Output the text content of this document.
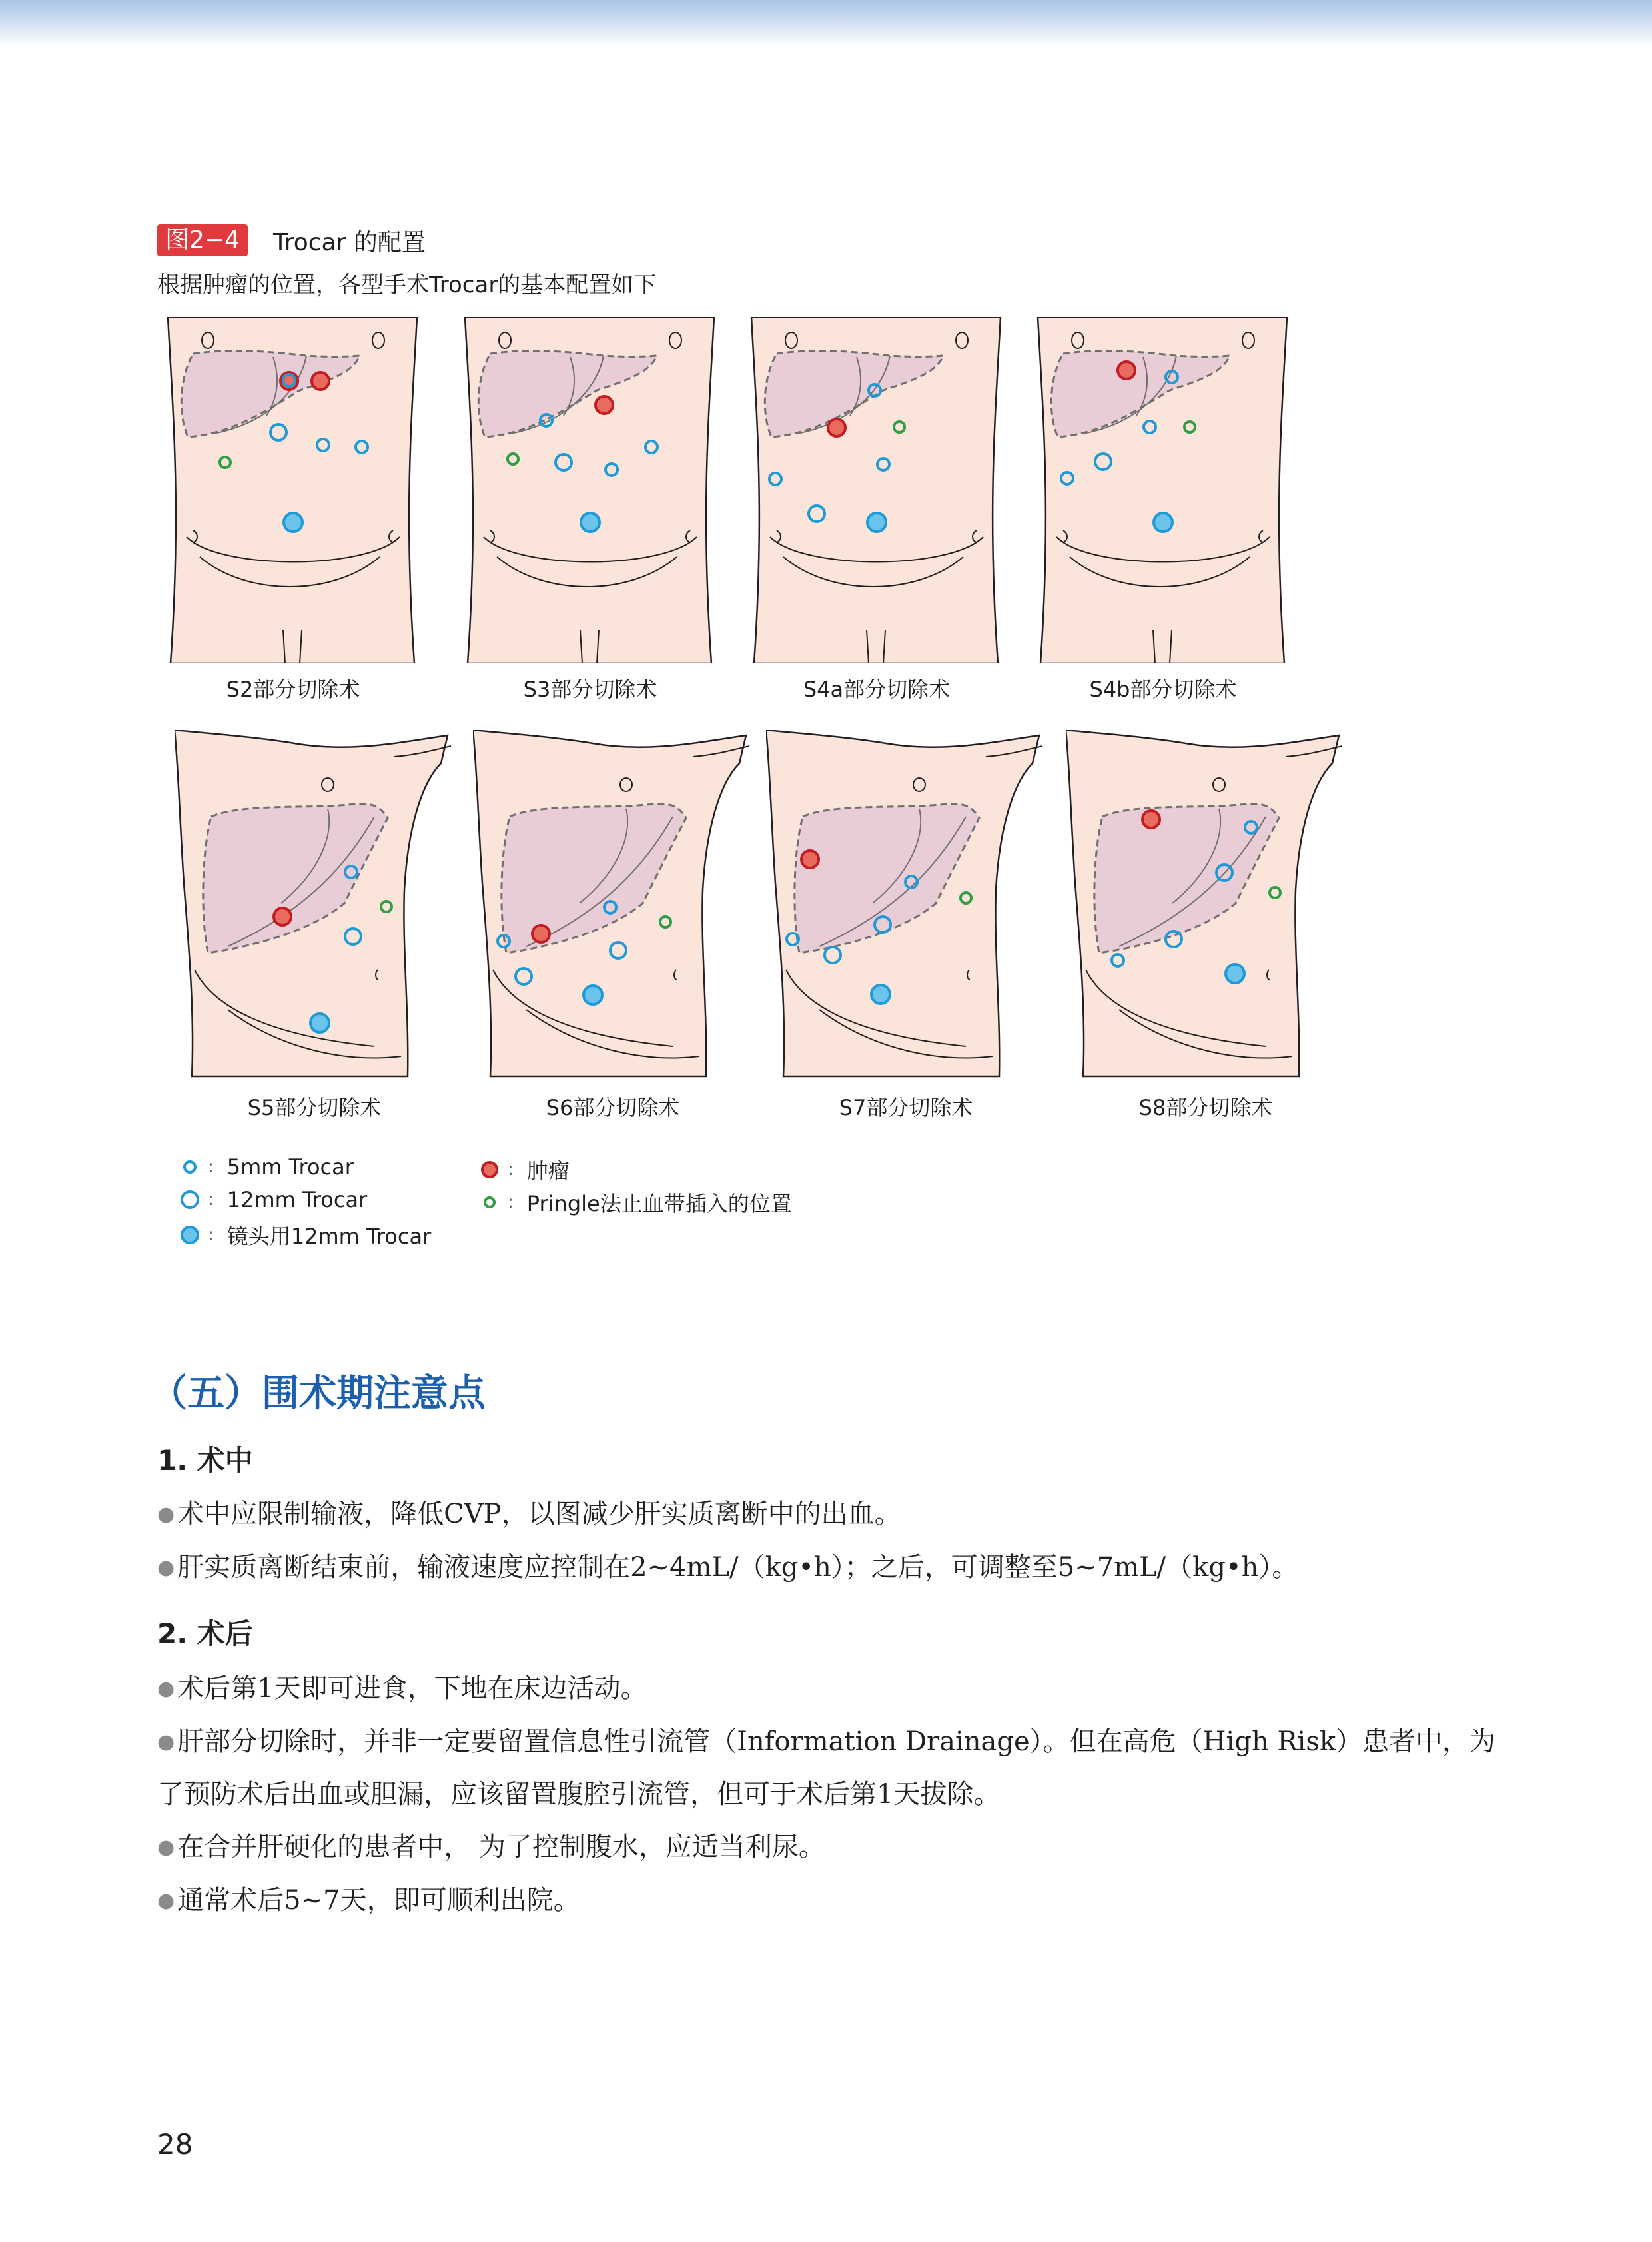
图2−4	Trocar 的配置
根据肿瘤的位置，各型手术Trocar的基本配置如下
S2部分切除术	S3部分切除术	S4a部分切除术	S4b部分切除术
S5部分切除术	S6部分切除术	S7部分切除术	S8部分切除术
: 5mm Trocar
: 12mm Trocar
: 镜头用12mm Trocar
: 肿瘤
: Pringle法止血带插入的位置
（五）围术期注意点
1. 术中
● 术中应限制输液，降低CVP，以图减少肝实质离断中的出血。
● 肝实质离断结束前，输液速度应控制在2~4mL/（kg•h）；之后，可调整至5~7mL/（kg•h）。
2. 术后
● 术后第1天即可进食，下地在床边活动。
● 肝部分切除时，并非一定要留置信息性引流管（Information Drainage）。但在高危（High Risk）患者中，为了预防术后出血或胆漏，应该留置腹腔引流管，但可于术后第1天拔除。
● 在合并肝硬化的患者中， 为了控制腹水，应适当利尿。
● 通常术后5~7天，即可顺利出院。
28
